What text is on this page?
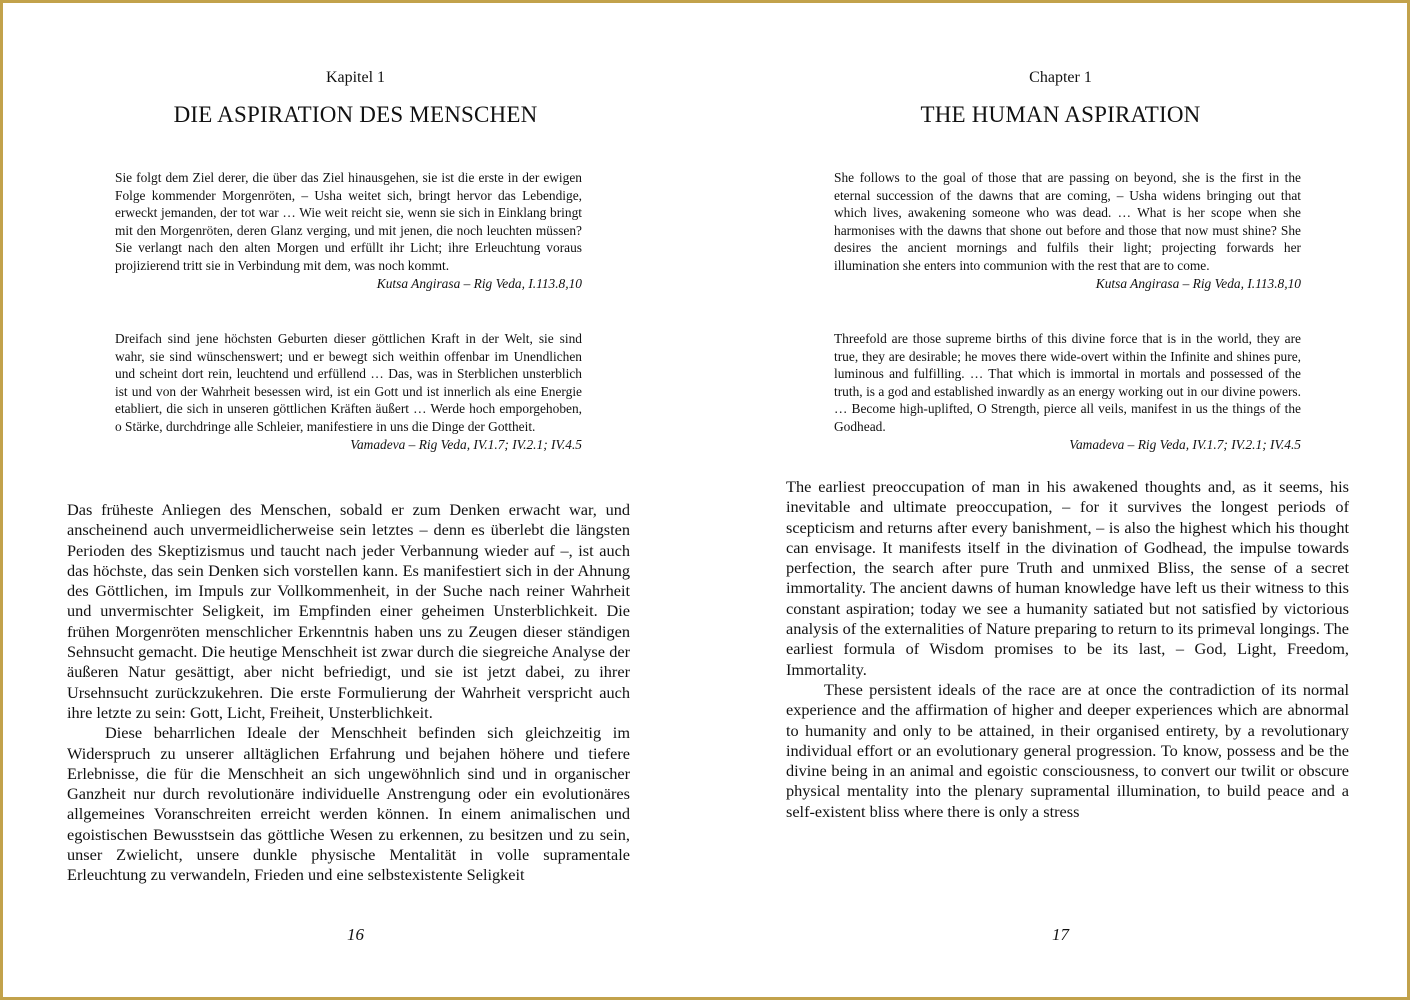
Kapitel 1
DIE ASPIRATION DES MENSCHEN

Sie folgt dem Ziel derer, die über das Ziel hinausgehen, sie ist die erste in der ewigen Folge kommender Morgenröten, – Usha weitet sich, bringt hervor das Lebendige, erweckt jemanden, der tot war … Wie weit reicht sie, wenn sie sich in Einklang bringt mit den Morgenröten, deren Glanz verging, und mit jenen, die noch leuchten müssen? Sie verlangt nach den alten Morgen und erfüllt ihr Licht; ihre Erleuchtung voraus projizierend tritt sie in Verbindung mit dem, was noch kommt.

Kutsa Angirasa – Rig Veda, I.113.8,10

Dreifach sind jene höchsten Geburten dieser göttlichen Kraft in der Welt, sie sind wahr, sie sind wünschenswert; und er bewegt sich weithin offenbar im Unendlichen und scheint dort rein, leuchtend und erfüllend … Das, was in Sterblichen unsterblich ist und von der Wahrheit besessen wird, ist ein Gott und ist innerlich als eine Energie etabliert, die sich in unseren göttlichen Kräften äußert … Werde hoch emporgehoben, o Stärke, durchdringe alle Schleier, manifestiere in uns die Dinge der Gottheit.

Vamadeva – Rig Veda, IV.1.7; IV.2.1; IV.4.5

Das früheste Anliegen des Menschen, sobald er zum Denken erwacht war, und anscheinend auch unvermeidlicherweise sein letztes – denn es überlebt die längsten Perioden des Skeptizismus und taucht nach jeder Verbannung wieder auf –, ist auch das höchste, das sein Denken sich vorstellen kann. Es manifestiert sich in der Ahnung des Göttlichen, im Impuls zur Vollkommenheit, in der Suche nach reiner Wahrheit und unvermischter Seligkeit, im Empfinden einer geheimen Unsterblichkeit. Die frühen Morgenröten menschlicher Erkenntnis haben uns zu Zeugen dieser ständigen Sehnsucht gemacht. Die heutige Menschheit ist zwar durch die siegreiche Analyse der äußeren Natur gesättigt, aber nicht befriedigt, und sie ist jetzt dabei, zu ihrer Ursehnsucht zurückzukehren. Die erste Formulierung der Wahrheit verspricht auch ihre letzte zu sein: Gott, Licht, Freiheit, Unsterblichkeit.

Diese beharrlichen Ideale der Menschheit befinden sich gleichzeitig im Widerspruch zu unserer alltäglichen Erfahrung und bejahen höhere und tiefere Erlebnisse, die für die Menschheit an sich ungewöhnlich sind und in organischer Ganzheit nur durch revolutionäre individuelle Anstrengung oder ein evolutionäres allgemeines Voranschreiten erreicht werden können. In einem animalischen und egoistischen Bewusstsein das göttliche Wesen zu erkennen, zu besitzen und zu sein, unser Zwielicht, unsere dunkle physische Mentalität in volle supramentale Erleuchtung zu verwandeln, Frieden und eine selbstexistente Seligkeit

16
Chapter 1
THE HUMAN ASPIRATION

She follows to the goal of those that are passing on beyond, she is the first in the eternal succession of the dawns that are coming, – Usha widens bringing out that which lives, awakening someone who was dead. … What is her scope when she harmonises with the dawns that shone out before and those that now must shine? She desires the ancient mornings and fulfils their light; projecting forwards her illumination she enters into communion with the rest that are to come.

Kutsa Angirasa – Rig Veda, I.113.8,10

Threefold are those supreme births of this divine force that is in the world, they are true, they are desirable; he moves there wide-overt within the Infinite and shines pure, luminous and fulfilling. … That which is immortal in mortals and possessed of the truth, is a god and established inwardly as an energy working out in our divine powers. … Become high-uplifted, O Strength, pierce all veils, manifest in us the things of the Godhead.

Vamadeva – Rig Veda, IV.1.7; IV.2.1; IV.4.5

The earliest preoccupation of man in his awakened thoughts and, as it seems, his inevitable and ultimate preoccupation, – for it survives the longest periods of scepticism and returns after every banishment, – is also the highest which his thought can envisage. It manifests itself in the divination of Godhead, the impulse towards perfection, the search after pure Truth and unmixed Bliss, the sense of a secret immortality. The ancient dawns of human knowledge have left us their witness to this constant aspiration; today we see a humanity satiated but not satisfied by victorious analysis of the externalities of Nature preparing to return to its primeval longings. The earliest formula of Wisdom promises to be its last, – God, Light, Freedom, Immortality.

These persistent ideals of the race are at once the contradiction of its normal experience and the affirmation of higher and deeper experiences which are abnormal to humanity and only to be attained, in their organised entirety, by a revolutionary individual effort or an evolutionary general progression. To know, possess and be the divine being in an animal and egoistic consciousness, to convert our twilit or obscure physical mentality into the plenary supramental illumination, to build peace and a self-existent bliss where there is only a stress

17
